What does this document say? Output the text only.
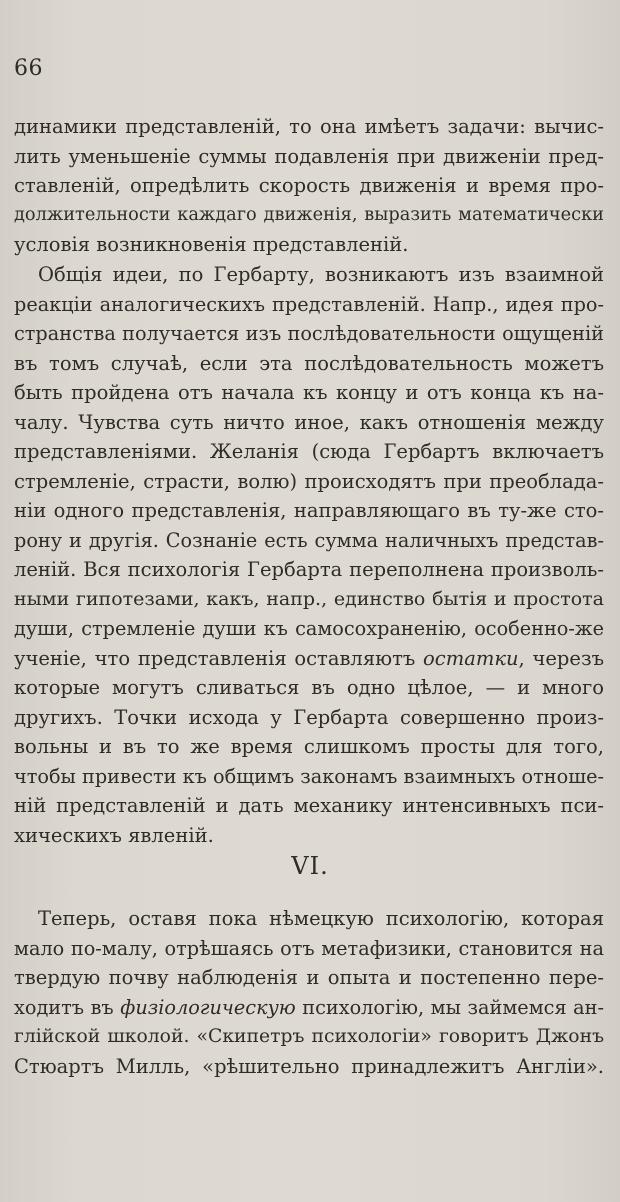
66
динамики представленій, то она имѣетъ задачи: вычис-
лить уменьшеніе суммы подавленія при движеніи пред-
ставленій, опредѣлить скорость движенія и время про-
должительности каждаго движенія, выразить математически
условія возникновенія представленій.
Общія идеи, по Гербарту, возникаютъ изъ взаимной
реакціи аналогическихъ представленій. Напр., идея про-
странства получается изъ послѣдовательности ощущеній
въ томъ случаѣ, если эта послѣдовательность можетъ
быть пройдена отъ начала къ концу и отъ конца къ на-
чалу. Чувства суть ничто иное, какъ отношенія между
представленіями. Желанія (сюда Гербартъ включаетъ
стремленіе, страсти, волю) происходятъ при преоблада-
ніи одного представленія, направляющаго въ ту-же сто-
рону и другія. Сознаніе есть сумма наличныхъ представ-
леній. Вся психологія Гербарта переполнена произволь-
ными гипотезами, какъ, напр., единство бытія и простота
души, стремленіе души къ самосохраненію, особенно-же
ученіе, что представленія оставляютъ остатки, черезъ
которые могутъ сливаться въ одно цѣлое, — и много
другихъ. Точки исхода у Гербарта совершенно произ-
вольны и въ то же время слишкомъ просты для того,
чтобы привести къ общимъ законамъ взаимныхъ отноше-
ній представленій и дать механику интенсивныхъ пси-
хическихъ явленій.
VI.
Теперь, оставя пока нѣмецкую психологію, которая
мало по-малу, отрѣшаясь отъ метафизики, становится на
твердую почву наблюденія и опыта и постепенно пере-
ходитъ въ физіологическую психологію, мы займемся ан-
глійской школой. «Скипетръ психологіи» говоритъ Джонъ
Стюартъ Милль, «рѣшительно принадлежитъ Англіи».
